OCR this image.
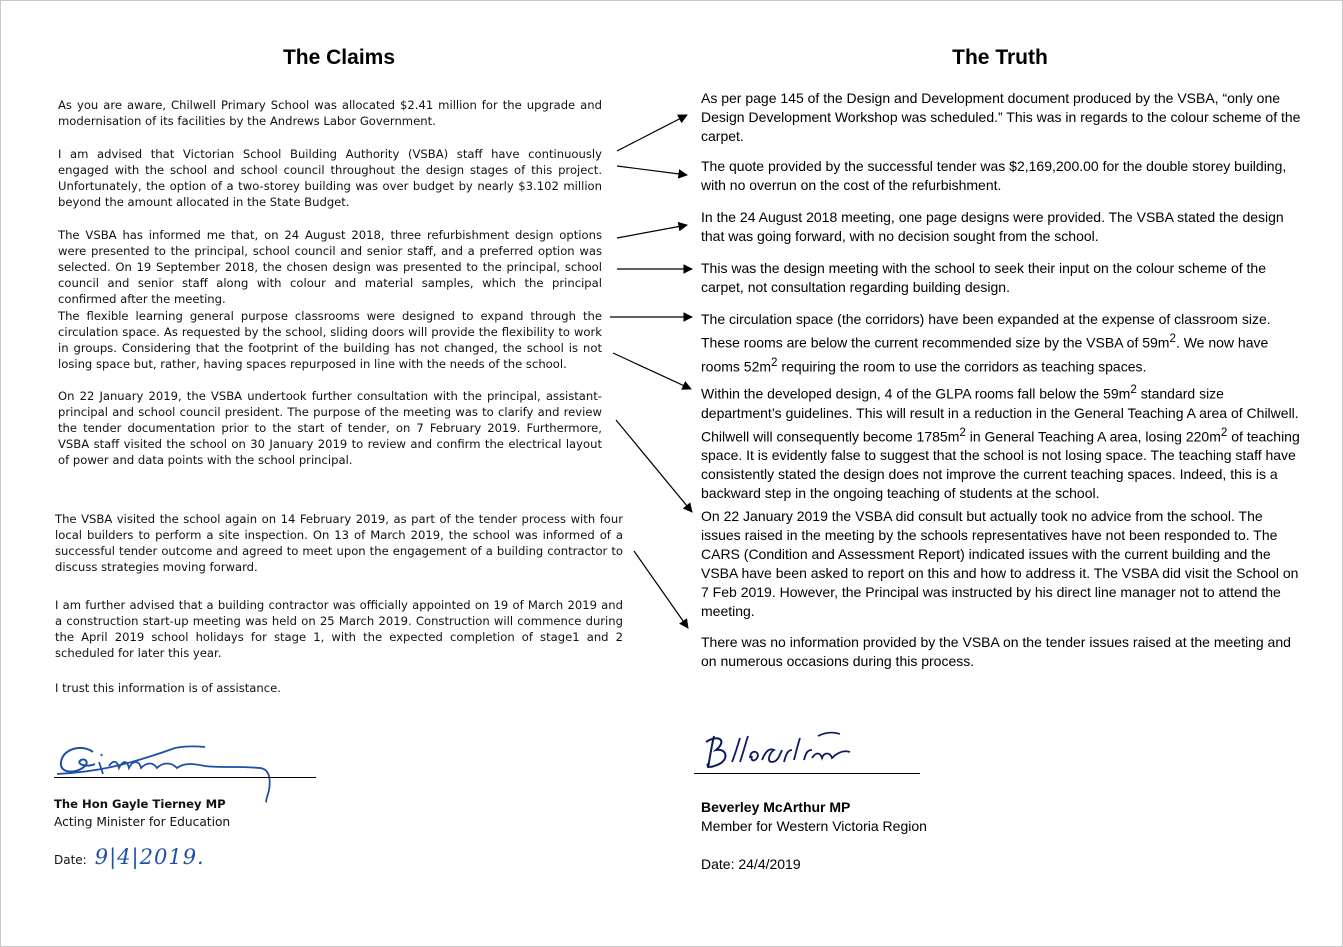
The Claims	The Truth

As you are aware, Chilwell Primary School was allocated $2.41 million for the upgrade and modernisation of its facilities by the Andrews Labor Government.

I am advised that Victorian School Building Authority (VSBA) staff have continuously engaged with the school and school council throughout the design stages of this project. Unfortunately, the option of a two-storey building was over budget by nearly $3.102 million beyond the amount allocated in the State Budget.

The VSBA has informed me that, on 24 August 2018, three refurbishment design options were presented to the principal, school council and senior staff, and a preferred option was selected. On 19 September 2018, the chosen design was presented to the principal, school council and senior staff along with colour and material samples, which the principal confirmed after the meeting.

The flexible learning general purpose classrooms were designed to expand through the circulation space. As requested by the school, sliding doors will provide the flexibility to work in groups. Considering that the footprint of the building has not changed, the school is not losing space but, rather, having spaces repurposed in line with the needs of the school.

On 22 January 2019, the VSBA undertook further consultation with the principal, assistant-principal and school council president. The purpose of the meeting was to clarify and review the tender documentation prior to the start of tender, on 7 February 2019. Furthermore, VSBA staff visited the school on 30 January 2019 to review and confirm the electrical layout of power and data points with the school principal.

The VSBA visited the school again on 14 February 2019, as part of the tender process with four local builders to perform a site inspection. On 13 of March 2019, the school was informed of a successful tender outcome and agreed to meet upon the engagement of a building contractor to discuss strategies moving forward.

I am further advised that a building contractor was officially appointed on 19 of March 2019 and a construction start-up meeting was held on 25 March 2019. Construction will commence during the April 2019 school holidays for stage 1, with the expected completion of stage1 and 2 scheduled for later this year.

I trust this information is of assistance.

As per page 145 of the Design and Development document produced by the VSBA, “only one Design Development Workshop was scheduled.” This was in regards to the colour scheme of the carpet.

The quote provided by the successful tender was $2,169,200.00 for the double storey building, with no overrun on the cost of the refurbishment.

In the 24 August 2018 meeting, one page designs were provided. The VSBA stated the design that was going forward, with no decision sought from the school.

This was the design meeting with the school to seek their input on the colour scheme of the carpet, not consultation regarding building design.

The circulation space (the corridors) have been expanded at the expense of classroom size. These rooms are below the current recommended size by the VSBA of $59m^2$. We now have rooms $52m^2$ requiring the room to use the corridors as teaching spaces.

Within the developed design, 4 of the GLPA rooms fall below the $59m^2$ standard size department’s guidelines. This will result in a reduction in the General Teaching A area of Chilwell. Chilwell will consequently become $1785m^2$ in General Teaching A area, losing $220m^2$ of teaching space. It is evidently false to suggest that the school is not losing space. The teaching staff have consistently stated the design does not improve the current teaching spaces. Indeed, this is a backward step in the ongoing teaching of students at the school.

On 22 January 2019 the VSBA did consult but actually took no advice from the school. The issues raised in the meeting by the schools representatives have not been responded to. The CARS (Condition and Assessment Report) indicated issues with the current building and the VSBA have been asked to report on this and how to address it. The VSBA did visit the School on 7 Feb 2019. However, the Principal was instructed by his direct line manager not to attend the meeting.

There was no information provided by the VSBA on the tender issues raised at the meeting and on numerous occasions during this process.

The Hon Gayle Tierney MP
Acting Minister for Education
Date: 9|4|2019.
Beverley McArthur MP
Member for Western Victoria Region
Date: 24/4/2019
